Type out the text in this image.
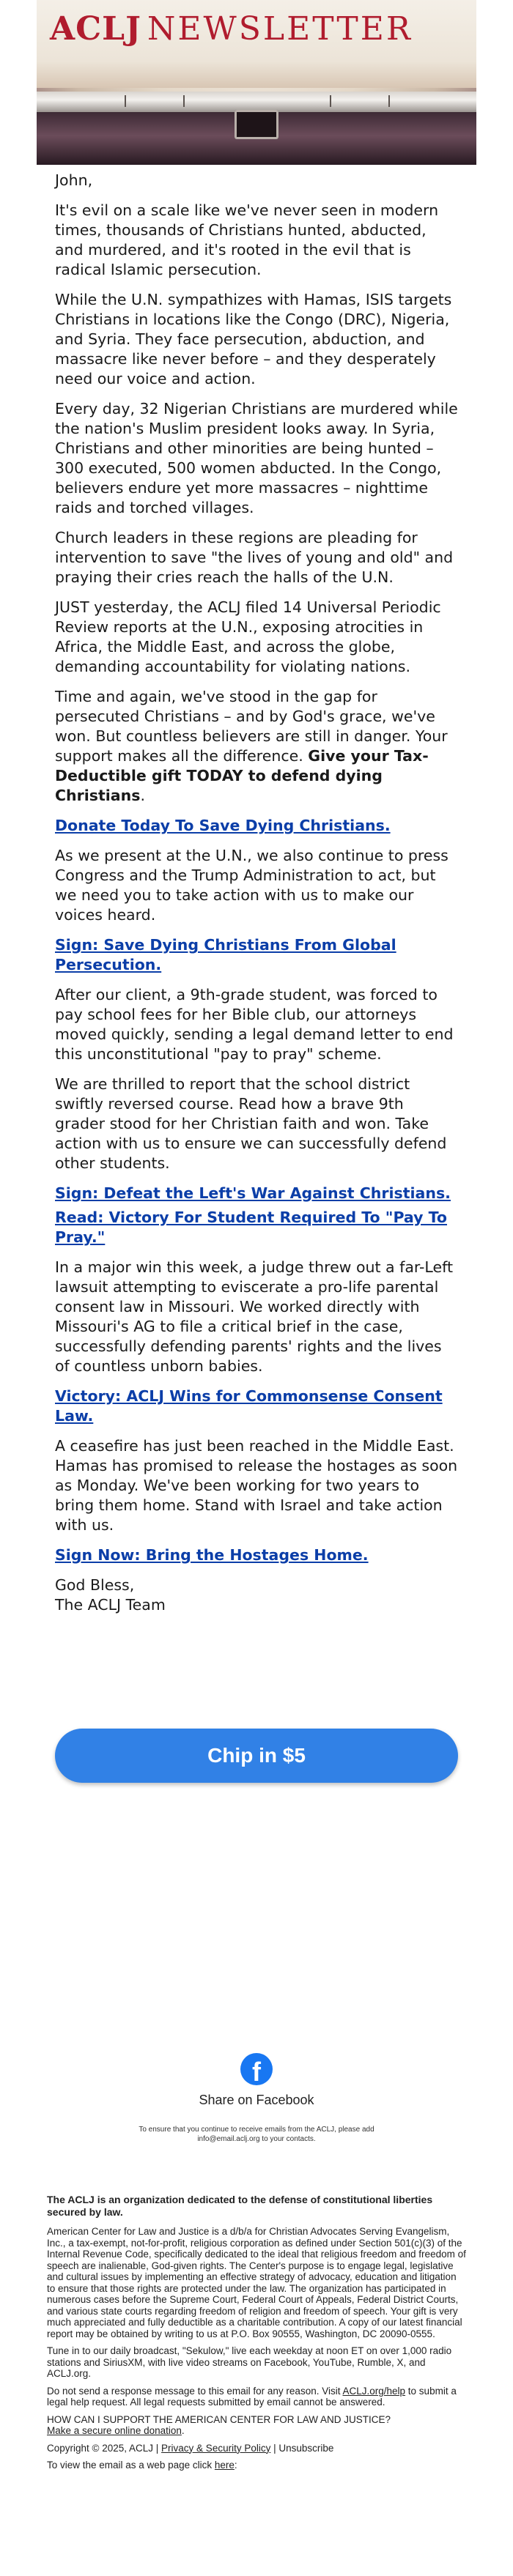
ACLJ NEWSLETTER

John,

It's evil on a scale like we've never seen in modern times, thousands of Christians hunted, abducted, and murdered, and it's rooted in the evil that is radical Islamic persecution.

While the U.N. sympathizes with Hamas, ISIS targets Christians in locations like the Congo (DRC), Nigeria, and Syria. They face persecution, abduction, and massacre like never before – and they desperately need our voice and action.

Every day, 32 Nigerian Christians are murdered while the nation's Muslim president looks away. In Syria, Christians and other minorities are being hunted – 300 executed, 500 women abducted. In the Congo, believers endure yet more massacres – nighttime raids and torched villages.

Church leaders in these regions are pleading for intervention to save "the lives of young and old" and praying their cries reach the halls of the U.N.

JUST yesterday, the ACLJ filed 14 Universal Periodic Review reports at the U.N., exposing atrocities in Africa, the Middle East, and across the globe, demanding accountability for violating nations.

Time and again, we've stood in the gap for persecuted Christians – and by God's grace, we've won. But countless believers are still in danger. Your support makes all the difference. Give your Tax-Deductible gift TODAY to defend dying Christians.

Donate Today To Save Dying Christians.

As we present at the U.N., we also continue to press Congress and the Trump Administration to act, but we need you to take action with us to make our voices heard.

Sign: Save Dying Christians From Global Persecution.

After our client, a 9th-grade student, was forced to pay school fees for her Bible club, our attorneys moved quickly, sending a legal demand letter to end this unconstitutional "pay to pray" scheme.

We are thrilled to report that the school district swiftly reversed course. Read how a brave 9th grader stood for her Christian faith and won. Take action with us to ensure we can successfully defend other students.

Sign: Defeat the Left's War Against Christians.

Read: Victory For Student Required To "Pay To Pray."

In a major win this week, a judge threw out a far-Left lawsuit attempting to eviscerate a pro-life parental consent law in Missouri. We worked directly with Missouri's AG to file a critical brief in the case, successfully defending parents' rights and the lives of countless unborn babies.

Victory: ACLJ Wins for Commonsense Consent Law.

A ceasefire has just been reached in the Middle East. Hamas has promised to release the hostages as soon as Monday. We've been working for two years to bring them home. Stand with Israel and take action with us.

Sign Now: Bring the Hostages Home.

God Bless,

The ACLJ Team

Chip in $5
f
Share on Facebook
To ensure that you continue to receive emails from the ACLJ, please add info@email.aclj.org to your contacts.

The ACLJ is an organization dedicated to the defense of constitutional liberties secured by law.

American Center for Law and Justice is a d/b/a for Christian Advocates Serving Evangelism, Inc., a tax-exempt, not-for-profit, religious corporation as defined under Section 501(c)(3) of the Internal Revenue Code, specifically dedicated to the ideal that religious freedom and freedom of speech are inalienable, God-given rights. The Center's purpose is to engage legal, legislative and cultural issues by implementing an effective strategy of advocacy, education and litigation to ensure that those rights are protected under the law. The organization has participated in numerous cases before the Supreme Court, Federal Court of Appeals, Federal District Courts, and various state courts regarding freedom of religion and freedom of speech. Your gift is very much appreciated and fully deductible as a charitable contribution. A copy of our latest financial report may be obtained by writing to us at P.O. Box 90555, Washington, DC 20090-0555.

Tune in to our daily broadcast, "Sekulow," live each weekday at noon ET on over 1,000 radio stations and SiriusXM, with live video streams on Facebook, YouTube, Rumble, X, and ACLJ.org.

Do not send a response message to this email for any reason. Visit ACLJ.org/help to submit a legal help request. All legal requests submitted by email cannot be answered.

HOW CAN I SUPPORT THE AMERICAN CENTER FOR LAW AND JUSTICE?
Make a secure online donation.

Copyright © 2025, ACLJ | Privacy & Security Policy | Unsubscribe

To view the email as a web page click here:
